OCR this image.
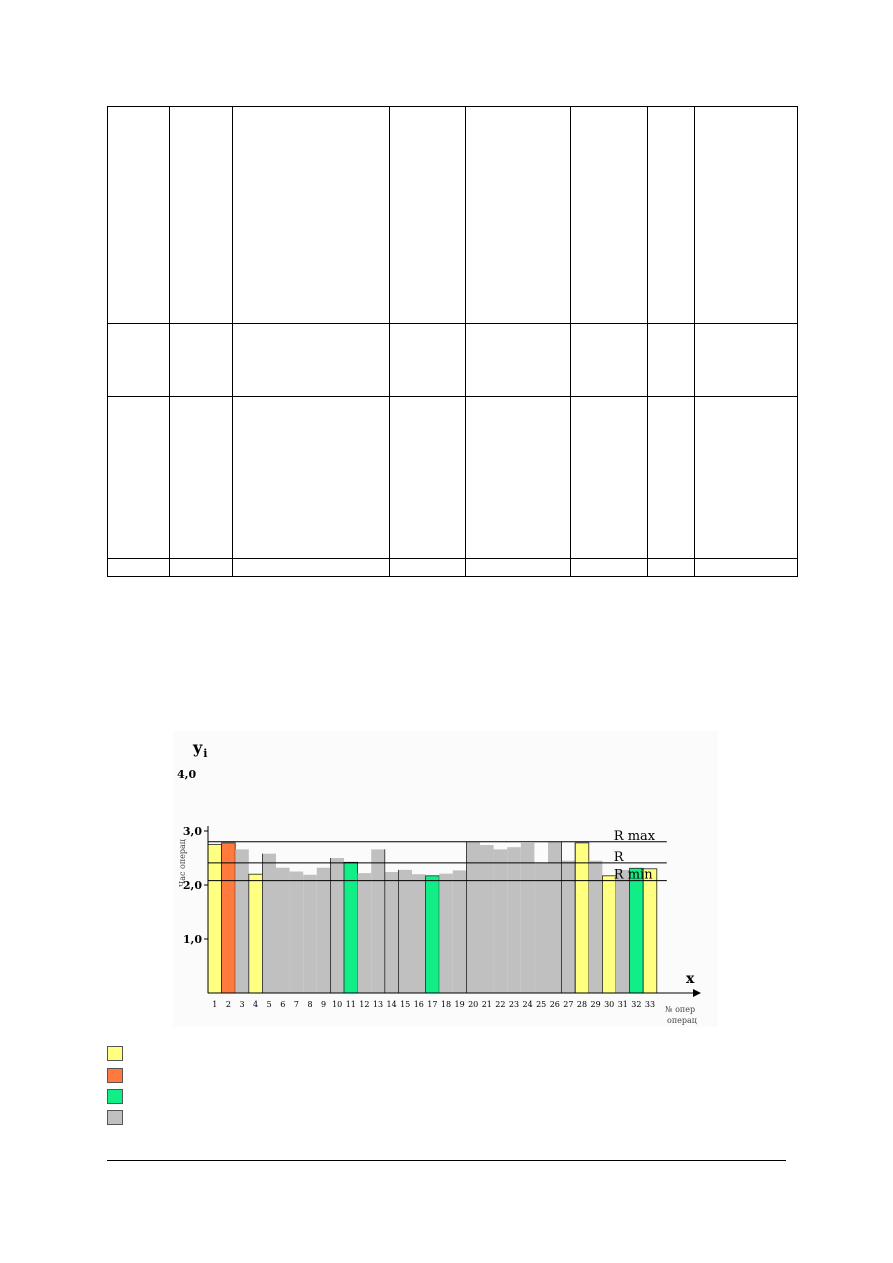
1,0
2,0
3,0
1 2 3 4 5 6 7 8 9 10 11 12 13 14 15 16 17 18 19 20 21 22 23 24 25 26 27 28 29 30 31 32 33
R max
R
R min
$y_i$
4,0
Час операц
x
№ опер
операц
